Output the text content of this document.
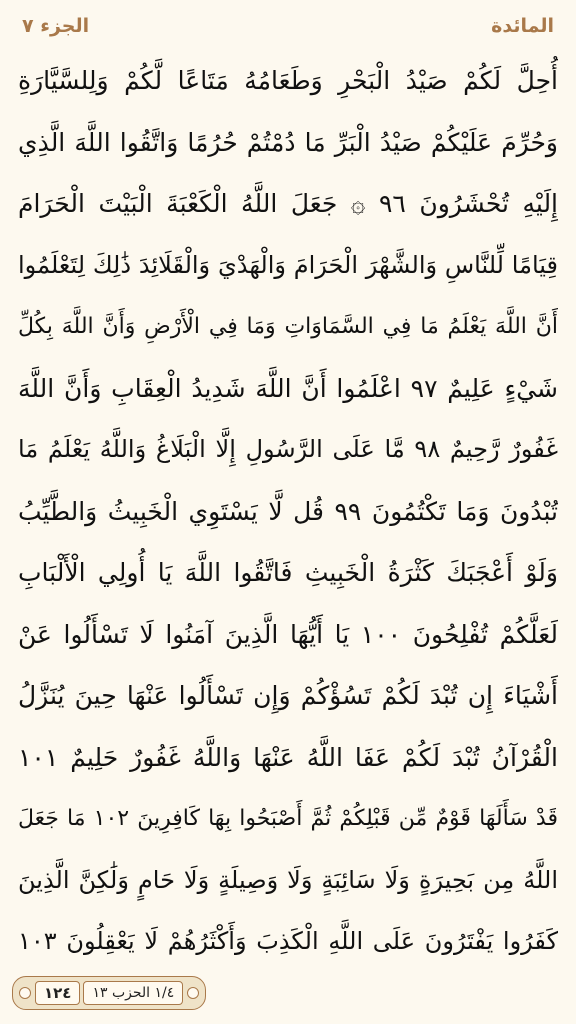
الجزء ٧	المائدة
أُحِلَّ لَكُمْ صَيْدُ الْبَحْرِ وَطَعَامُهُ مَتَاعًا لَّكُمْ وَلِلسَّيَّارَةِ
وَحُرِّمَ عَلَيْكُمْ صَيْدُ الْبَرِّ مَا دُمْتُمْ حُرُمًا وَاتَّقُوا اللَّهَ الَّذِي
إِلَيْهِ تُحْشَرُونَ ٩٦ ۞ جَعَلَ اللَّهُ الْكَعْبَةَ الْبَيْتَ الْحَرَامَ
قِيَامًا لِّلنَّاسِ وَالشَّهْرَ الْحَرَامَ وَالْهَدْيَ وَالْقَلَائِدَ ذَٰلِكَ لِتَعْلَمُوا
أَنَّ اللَّهَ يَعْلَمُ مَا فِي السَّمَاوَاتِ وَمَا فِي الْأَرْضِ وَأَنَّ اللَّهَ بِكُلِّ
شَيْءٍ عَلِيمٌ ٩٧ اعْلَمُوا أَنَّ اللَّهَ شَدِيدُ الْعِقَابِ وَأَنَّ اللَّهَ
غَفُورٌ رَّحِيمٌ ٩٨ مَّا عَلَى الرَّسُولِ إِلَّا الْبَلَاغُ وَاللَّهُ يَعْلَمُ مَا
تُبْدُونَ وَمَا تَكْتُمُونَ ٩٩ قُل لَّا يَسْتَوِي الْخَبِيثُ وَالطَّيِّبُ
وَلَوْ أَعْجَبَكَ كَثْرَةُ الْخَبِيثِ فَاتَّقُوا اللَّهَ يَا أُولِي الْأَلْبَابِ
لَعَلَّكُمْ تُفْلِحُونَ ١٠٠ يَا أَيُّهَا الَّذِينَ آمَنُوا لَا تَسْأَلُوا عَنْ
أَشْيَاءَ إِن تُبْدَ لَكُمْ تَسُؤْكُمْ وَإِن تَسْأَلُوا عَنْهَا حِينَ يُنَزَّلُ
الْقُرْآنُ تُبْدَ لَكُمْ عَفَا اللَّهُ عَنْهَا وَاللَّهُ غَفُورٌ حَلِيمٌ ١٠١
قَدْ سَأَلَهَا قَوْمٌ مِّن قَبْلِكُمْ ثُمَّ أَصْبَحُوا بِهَا كَافِرِينَ ١٠٢ مَا جَعَلَ
اللَّهُ مِن بَحِيرَةٍ وَلَا سَائِبَةٍ وَلَا وَصِيلَةٍ وَلَا حَامٍ وَلَٰكِنَّ الَّذِينَ
كَفَرُوا يَفْتَرُونَ عَلَى اللَّهِ الْكَذِبَ وَأَكْثَرُهُمْ لَا يَعْقِلُونَ ١٠٣
١٢٤	١/٤ الحزب ١٣
